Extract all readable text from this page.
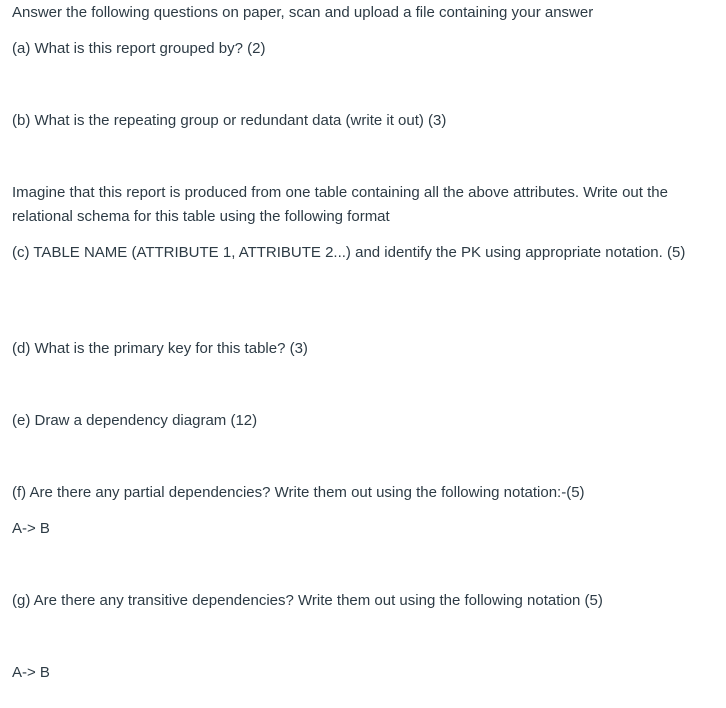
Answer the following questions on paper, scan and upload a file containing your answer
(a) What is this report grouped by? (2)
(b) What is the repeating group or redundant data (write it out) (3)
Imagine that this report is produced from one table containing all the above attributes. Write out the relational schema for this table using the following format
(c) TABLE NAME (ATTRIBUTE 1, ATTRIBUTE 2...) and identify the PK using appropriate notation. (5)
(d) What is the primary key for this table? (3)
(e) Draw a dependency diagram (12)
(f) Are there any partial dependencies? Write them out using the following notation:-(5)
A-> B
(g) Are there any transitive dependencies? Write them out using the following notation (5)
A-> B
